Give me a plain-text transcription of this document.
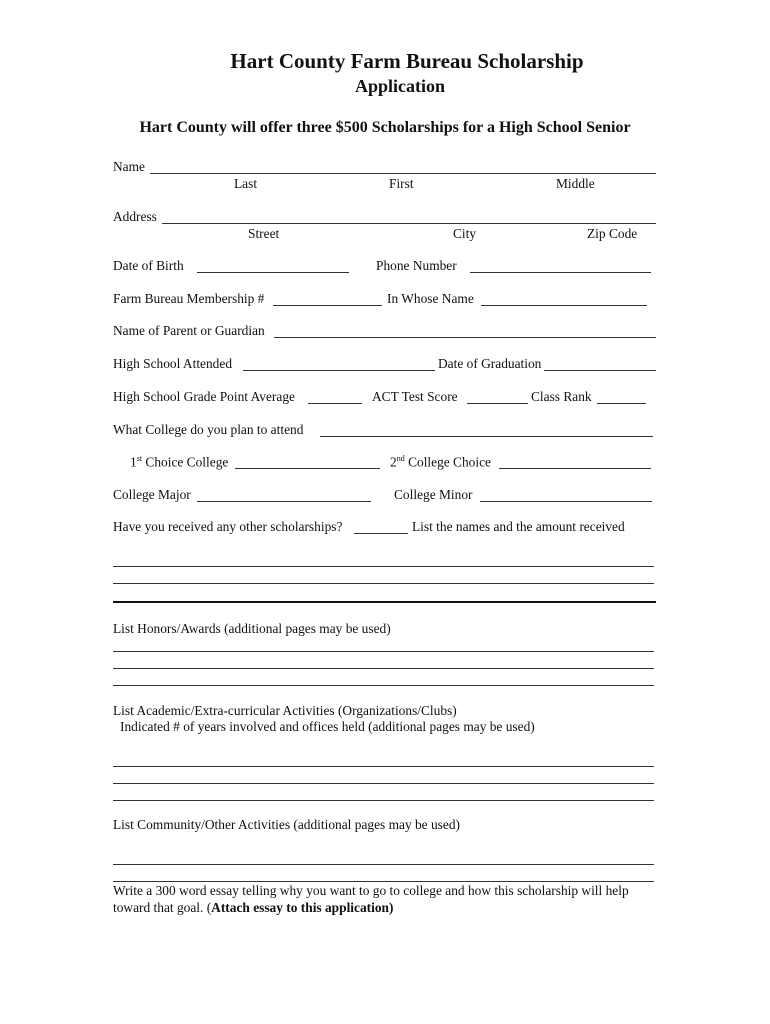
Hart County Farm Bureau Scholarship
Application
Hart County will offer three $500 Scholarships for a High School Senior
Name
Last	First	Middle
Address
Street	City	Zip Code
Date of Birth	Phone Number
Farm Bureau Membership #	In Whose Name
Name of Parent or Guardian
High School Attended	Date of Graduation
High School Grade Point Average	ACT Test Score	Class Rank
What College do you plan to attend
1st Choice College	2nd College Choice
College Major	College Minor
Have you received any other scholarships?	List the names and the amount received
List Honors/Awards (additional pages may be used)
List Academic/Extra-curricular Activities (Organizations/Clubs)
Indicated # of years involved and offices held (additional pages may be used)
List Community/Other Activities (additional pages may be used)
Write a 300 word essay telling why you want to go to college and how this scholarship will help
toward that goal. (Attach essay to this application)
